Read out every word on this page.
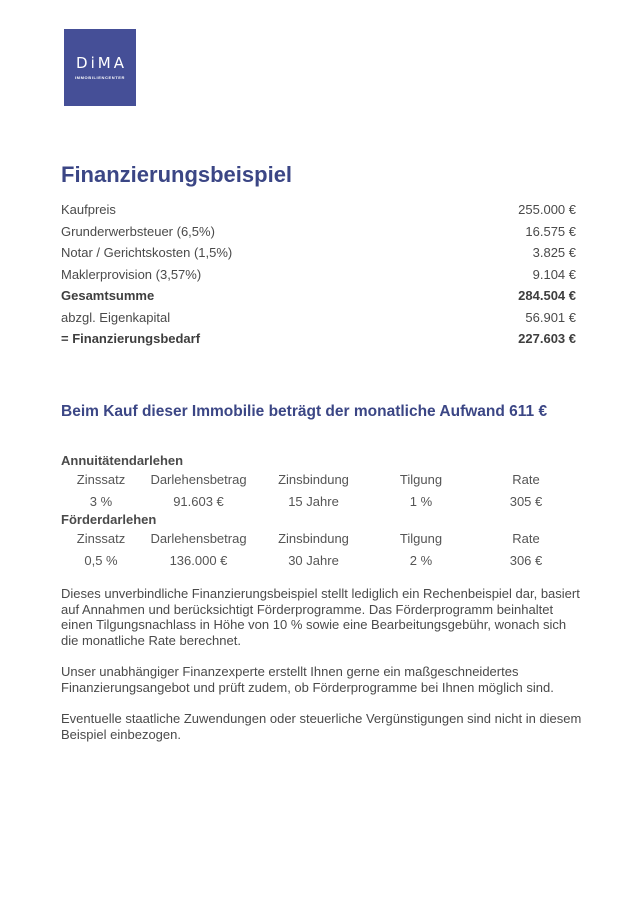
DiMA
IMMOBILIENCENTER
Finanzierungsbeispiel
Kaufpreis	255.000 €
Grunderwerbsteuer (6,5%)	16.575 €
Notar / Gerichtskosten (1,5%)	3.825 €
Maklerprovision (3,57%)	9.104 €
Gesamtsumme	284.504 €
abzgl. Eigenkapital	56.901 €
= Finanzierungsbedarf	227.603 €
Beim Kauf dieser Immobilie beträgt der monatliche Aufwand 611 €
Annuitätendarlehen
Zinssatz	Darlehensbetrag	Zinsbindung	Tilgung	Rate
3 %	91.603 €	15 Jahre	1 %	305 €
Förderdarlehen
Zinssatz	Darlehensbetrag	Zinsbindung	Tilgung	Rate
0,5 %	136.000 €	30 Jahre	2 %	306 €

Dieses unverbindliche Finanzierungsbeispiel stellt lediglich ein Rechenbeispiel dar, basiert auf Annahmen und berücksichtigt Förderprogramme. Das Förderprogramm beinhaltet einen Tilgungsnachlass in Höhe von 10 % sowie eine Bearbeitungsgebühr, wonach sich die monatliche Rate berechnet.

Unser unabhängiger Finanzexperte erstellt Ihnen gerne ein maßgeschneidertes Finanzierungsangebot und prüft zudem, ob Förderprogramme bei Ihnen möglich sind.

Eventuelle staatliche Zuwendungen oder steuerliche Vergünstigungen sind nicht in diesem Beispiel einbezogen.
